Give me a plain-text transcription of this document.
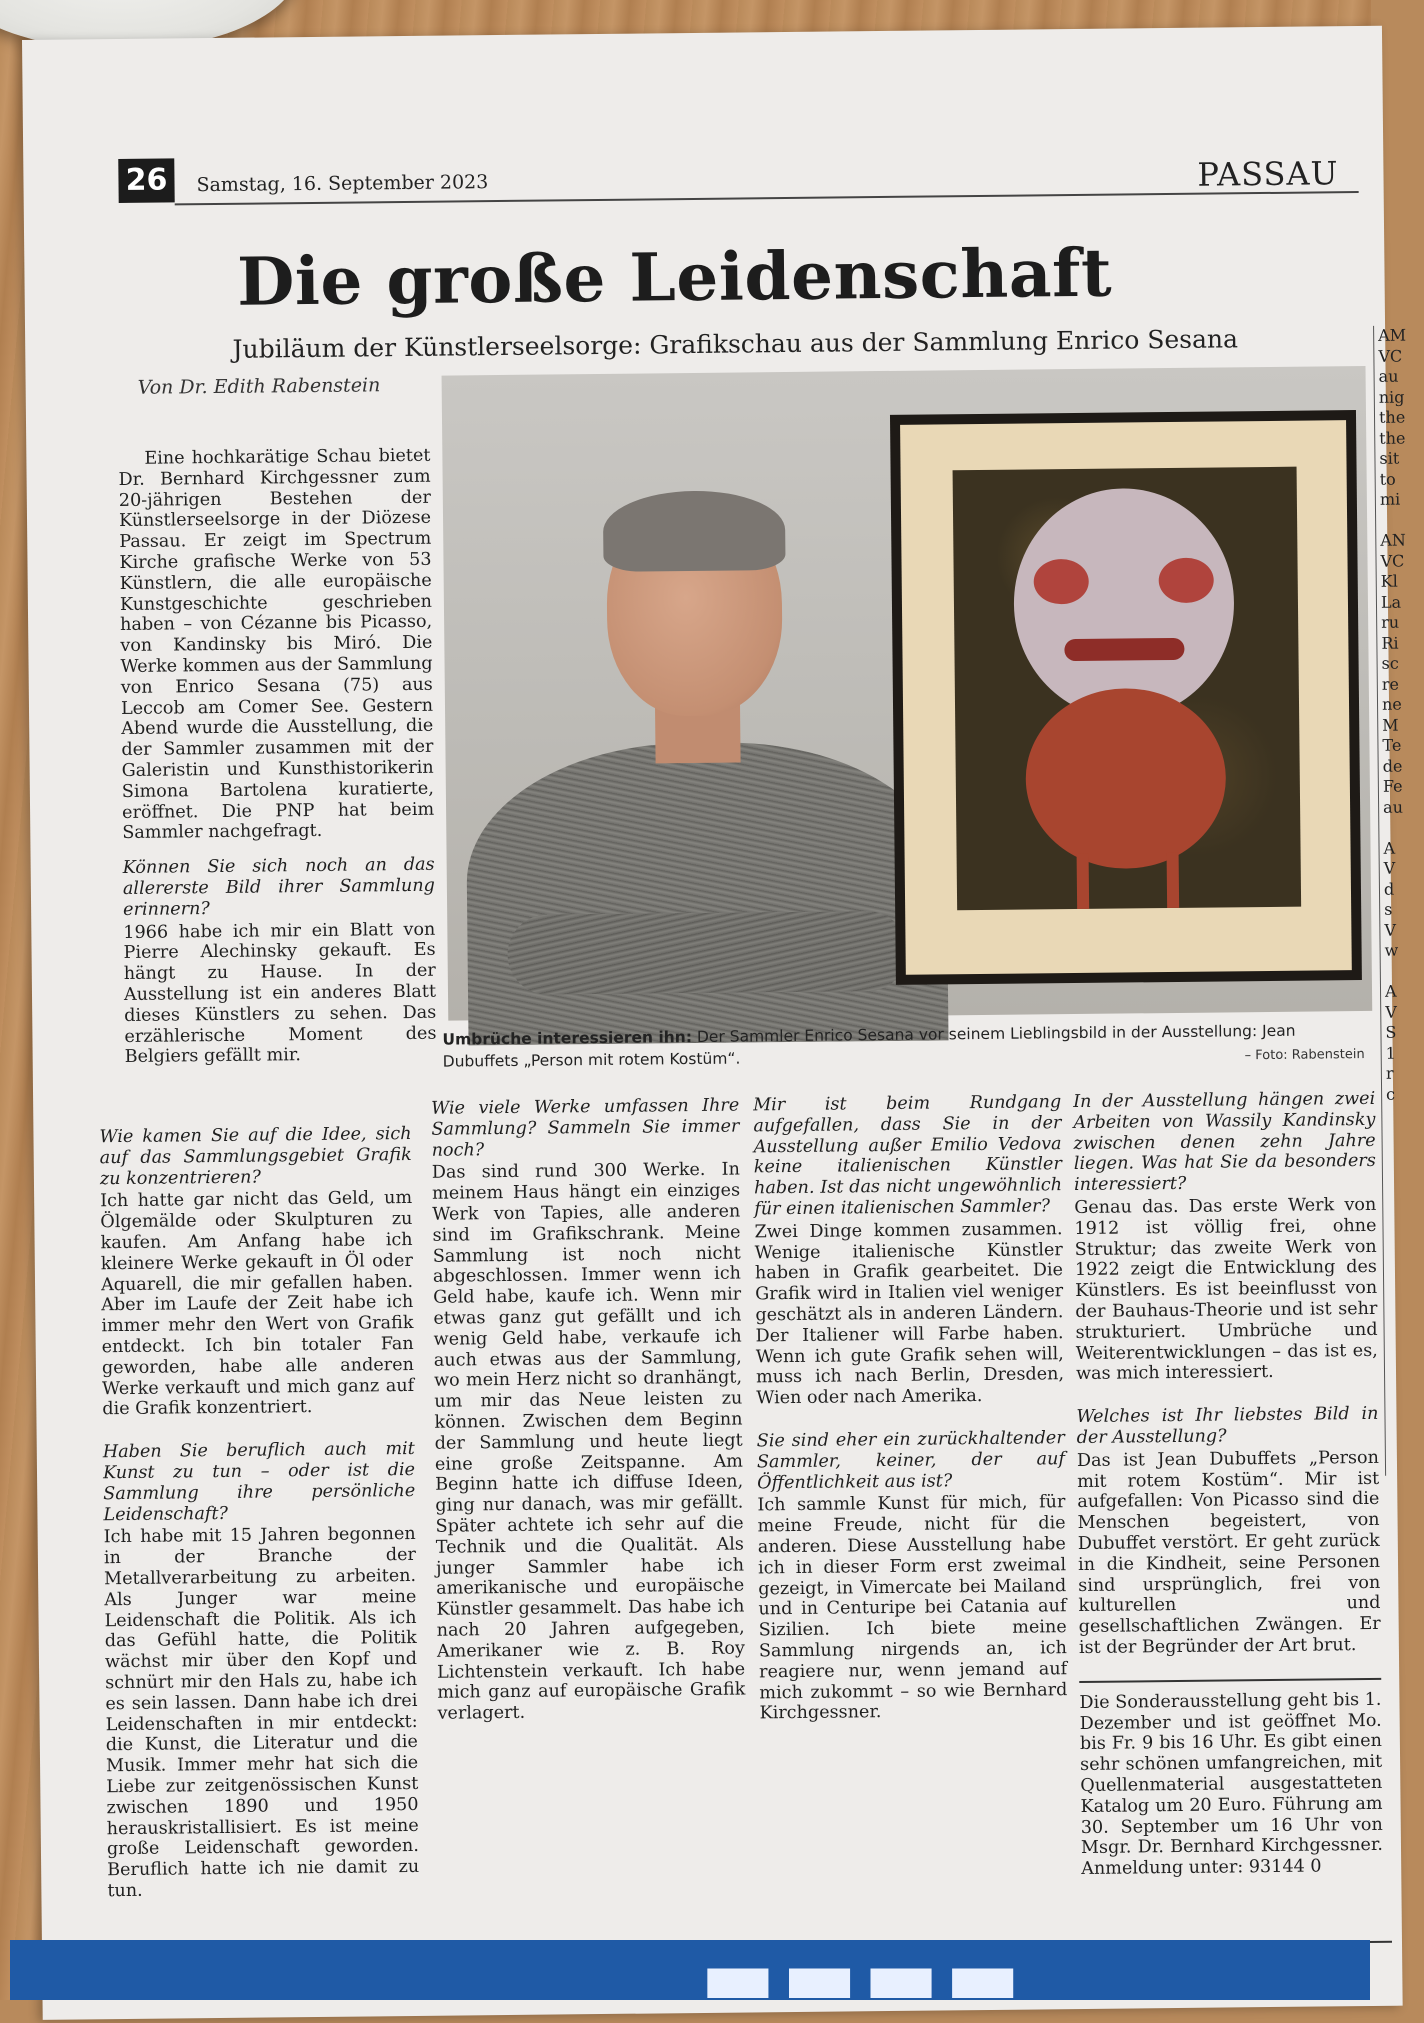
26	Samstag, 16. September 2023	PASSAU
Die große Leidenschaft
Jubiläum der Künstlerseelsorge: Grafikschau aus der Sammlung Enrico Sesana
Von Dr. Edith Rabenstein
Umbrüche interessieren ihn: Der Sammler Enrico Sesana vor seinem Lieblingsbild in der Ausstellung: Jean Dubuffets „Person mit rotem Kostüm“.	– Foto: Rabenstein

Eine hochkarätige Schau bietet Dr. Bernhard Kirchgessner zum 20-jährigen Bestehen der Künstlerseelsorge in der Diözese Passau. Er zeigt im Spectrum Kirche grafische Werke von 53 Künstlern, die alle europäische Kunstgeschichte geschrieben haben – von Cézanne bis Picasso, von Kandinsky bis Miró. Die Werke kommen aus der Sammlung von Enrico Sesana (75) aus Leccob am Comer See. Gestern Abend wurde die Ausstellung, die der Sammler zusammen mit der Galeristin und Kunsthistorikerin Simona Bartolena kuratierte, eröffnet. Die PNP hat beim Sammler nachgefragt.

Können Sie sich noch an das allererste Bild ihrer Sammlung erinnern?

1966 habe ich mir ein Blatt von Pierre Alechinsky gekauft. Es hängt zu Hause. In der Ausstellung ist ein anderes Blatt dieses Künstlers zu sehen. Das erzählerische Moment des Belgiers gefällt mir.

Wie kamen Sie auf die Idee, sich auf das Sammlungsgebiet Grafik zu konzentrieren?

Ich hatte gar nicht das Geld, um Ölgemälde oder Skulpturen zu kaufen. Am Anfang habe ich kleinere Werke gekauft in Öl oder Aquarell, die mir gefallen haben. Aber im Laufe der Zeit habe ich immer mehr den Wert von Grafik entdeckt. Ich bin totaler Fan geworden, habe alle anderen Werke verkauft und mich ganz auf die Grafik konzentriert.

Haben Sie beruflich auch mit Kunst zu tun – oder ist die Sammlung ihre persönliche Leidenschaft?

Ich habe mit 15 Jahren begonnen in der Branche der Metallverarbeitung zu arbeiten. Als Junger war meine Leidenschaft die Politik. Als ich das Gefühl hatte, die Politik wächst mir über den Kopf und schnürt mir den Hals zu, habe ich es sein lassen. Dann habe ich drei Leidenschaften in mir entdeckt: die Kunst, die Literatur und die Musik. Immer mehr hat sich die Liebe zur zeitgenössischen Kunst zwischen 1890 und 1950 herauskristallisiert. Es ist meine große Leidenschaft geworden. Beruflich hatte ich nie damit zu tun.

Wie viele Werke umfassen Ihre Sammlung? Sammeln Sie immer noch?

Das sind rund 300 Werke. In meinem Haus hängt ein einziges Werk von Tapies, alle anderen sind im Grafikschrank. Meine Sammlung ist noch nicht abgeschlossen. Immer wenn ich Geld habe, kaufe ich. Wenn mir etwas ganz gut gefällt und ich wenig Geld habe, verkaufe ich auch etwas aus der Sammlung, wo mein Herz nicht so dranhängt, um mir das Neue leisten zu können. Zwischen dem Beginn der Sammlung und heute liegt eine große Zeitspanne. Am Beginn hatte ich diffuse Ideen, ging nur danach, was mir gefällt. Später achtete ich sehr auf die Technik und die Qualität. Als junger Sammler habe ich amerikanische und europäische Künstler gesammelt. Das habe ich nach 20 Jahren aufgegeben, Amerikaner wie z. B. Roy Lichtenstein verkauft. Ich habe mich ganz auf europäische Grafik verlagert.

Mir ist beim Rundgang aufgefallen, dass Sie in der Ausstellung außer Emilio Vedova keine italienischen Künstler haben. Ist das nicht ungewöhnlich für einen italienischen Sammler?

Zwei Dinge kommen zusammen. Wenige italienische Künstler haben in Grafik gearbeitet. Die Grafik wird in Italien viel weniger geschätzt als in anderen Ländern. Der Italiener will Farbe haben. Wenn ich gute Grafik sehen will, muss ich nach Berlin, Dresden, Wien oder nach Amerika.

Sie sind eher ein zurückhaltender Sammler, keiner, der auf Öffentlichkeit aus ist?

Ich sammle Kunst für mich, für meine Freude, nicht für die anderen. Diese Ausstellung habe ich in dieser Form erst zweimal gezeigt, in Vimercate bei Mailand und in Centuripe bei Catania auf Sizilien. Ich biete meine Sammlung nirgends an, ich reagiere nur, wenn jemand auf mich zukommt – so wie Bernhard Kirchgessner.

In der Ausstellung hängen zwei Arbeiten von Wassily Kandinsky zwischen denen zehn Jahre liegen. Was hat Sie da besonders interessiert?

Genau das. Das erste Werk von 1912 ist völlig frei, ohne Struktur; das zweite Werk von 1922 zeigt die Entwicklung des Künstlers. Es ist beeinflusst von der Bauhaus-Theorie und ist sehr strukturiert. Umbrüche und Weiterentwicklungen – das ist es, was mich interessiert.

Welches ist Ihr liebstes Bild in der Ausstellung?

Das ist Jean Dubuffets „Person mit rotem Kostüm“. Mir ist aufgefallen: Von Picasso sind die Menschen begeistert, von Dubuffet verstört. Er geht zurück in die Kindheit, seine Personen sind ursprünglich, frei von kulturellen und gesellschaftlichen Zwängen. Er ist der Begründer der Art brut.

Die Sonderausstellung geht bis 1. Dezember und ist geöffnet Mo. bis Fr. 9 bis 16 Uhr. Es gibt einen sehr schönen umfangreichen, mit Quellenmaterial ausgestatteten Katalog um 20 Euro. Führung am 30. September um 16 Uhr von Msgr. Dr. Bernhard Kirchgessner. Anmeldung unter: 93144 0

AM
VC
au
nig
the
the
sit
to
mi

AN
VC
Kl
La
ru
Ri
sc
re
ne
M
Te
de
Fe
au

A
V
d
s
V
w

A
V
S
1
r
c
▬▬▬▬
